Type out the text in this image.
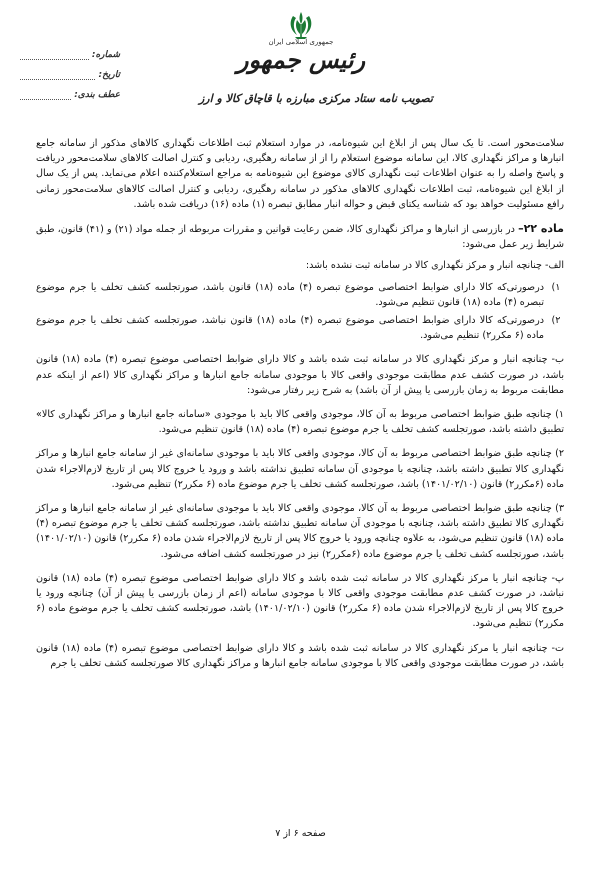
جمهوری اسلامی ایران
رئیس جمهور
تصویب نامه ستاد مرکزی مبارزه با قاچاق کالا و ارز
شماره:
تاریخ:
عطف بندی:

سلامت‌محور است. تا یک سال پس از ابلاغ این شیوه‌نامه، در موارد استعلام ثبت اطلاعات نگهداری کالاهای مذکور از سامانه جامع انبارها و مراکز نگهداری کالا، این سامانه موضوع استعلام را از از سامانه رهگیری، ردیابی و کنترل اصالت کالاهای سلامت‌محور دریافت و پاسخ واصله را به عنوان اطلاعات ثبت نگهداری کالای موضوع این شیوه‌نامه به مراجع استعلام‌کننده اعلام می‌نماید. پس از یک سال از ابلاغ این شیوه‌نامه، ثبت اطلاعات نگهداری کالاهای مذکور در سامانه رهگیری، ردیابی و کنترل اصالت کالاهای سلامت‌محور زمانی رافع مسئولیت خواهد بود که شناسه یکتای قبض و حواله انبار مطابق تبصره (۱) ماده (۱۶) دریافت شده باشد.

ماده ۲۲– در بازرسی از انبارها و مراکز نگهداری کالا، ضمن رعایت قوانین و مقررات مربوطه از جمله مواد (۲۱) و (۴۱) قانون، طبق شرایط زیر عمل می‌شود:

الف- چنانچه انبار و مرکز نگهداری کالا در سامانه ثبت نشده باشد:

۱)
درصورتی‌که کالا دارای ضوابط اختصاصی موضوع تبصره (۴) ماده (۱۸) قانون باشد، صورتجلسه کشف تخلف یا جرم موضوع تبصره (۴) ماده (۱۸) قانون تنظیم می‌شود.
۲)
درصورتی‌که کالا دارای ضوابط اختصاصی موضوع تبصره (۴) ماده (۱۸) قانون نباشد، صورتجلسه کشف تخلف یا جرم موضوع ماده (۶ مکرر۲) تنظیم می‌شود.

ب- چنانچه انبار و مرکز نگهداری کالا در سامانه ثبت شده باشد و کالا دارای ضوابط اختصاصی موضوع تبصره (۴) ماده (۱۸) قانون باشد، در صورت کشف عدم مطابقت موجودی واقعی کالا با موجودی سامانه جامع انبارها و مراکز نگهداری کالا (اعم از اینکه عدم مطابقت مربوط به زمان بازرسی یا پیش از آن باشد) به شرح زیر رفتار می‌شود:

۱) چنانچه طبق ضوابط اختصاصی مربوط به آن کالا، موجودی واقعی کالا باید با موجودی «سامانه جامع انبارها و مراکز نگهداری کالا» تطبیق داشته باشد، صورتجلسه کشف تخلف یا جرم موضوع تبصره (۴) ماده (۱۸) قانون تنظیم می‌شود.

۲) چنانچه طبق ضوابط اختصاصی مربوط به آن کالا، موجودی واقعی کالا باید با موجودی سامانه‌ای غیر از سامانه جامع انبارها و مراکز نگهداری کالا تطبیق داشته باشد، چنانچه با موجودی آن سامانه تطبیق نداشته باشد و ورود یا خروج کالا پس از تاریخ لازم‌الاجراء شدن ماده (۶مکرر۲) قانون (۱۴۰۱/۰۲/۱۰) باشد، صورتجلسه کشف تخلف یا جرم موضوع ماده (۶ مکرر۲) تنظیم می‌شود.

۳) چنانچه طبق ضوابط اختصاصی مربوط به آن کالا، موجودی واقعی کالا باید با موجودی سامانه‌ای غیر از سامانه جامع انبارها و مراکز نگهداری کالا تطبیق داشته باشد، چنانچه با موجودی آن سامانه تطبیق نداشته باشد، صورتجلسه کشف تخلف یا جرم موضوع تبصره (۴) ماده (۱۸) قانون تنظیم می‌شود، به علاوه چنانچه ورود یا خروج کالا پس از تاریخ لازم‌الاجراء شدن ماده (۶ مکرر۲) قانون (۱۴۰۱/۰۲/۱۰) باشد، صورتجلسه کشف تخلف یا جرم موضوع ماده (۶مکرر۲) نیز در صورتجلسه کشف اضافه می‌شود.

پ- چنانچه انبار یا مرکز نگهداری کالا در سامانه ثبت شده باشد و کالا دارای ضوابط اختصاصی موضوع تبصره (۴) ماده (۱۸) قانون نباشد، در صورت کشف عدم مطابقت موجودی واقعی کالا با موجودی سامانه (اعم از زمان بازرسی یا پیش از آن) چنانچه ورود یا خروج کالا پس از تاریخ لازم‌الاجراء شدن ماده (۶ مکرر۲) قانون (۱۴۰۱/۰۲/۱۰) باشد، صورتجلسه کشف تخلف یا جرم موضوع ماده (۶ مکرر۲) تنظیم می‌شود.

ت- چنانچه انبار یا مرکز نگهداری کالا در سامانه ثبت شده باشد و کالا دارای ضوابط اختصاصی موضوع تبصره (۴) ماده (۱۸) قانون باشد، در صورت مطابقت موجودی واقعی کالا با موجودی سامانه جامع انبارها و مراکز نگهداری کالا صورتجلسه کشف تخلف یا جرم

صفحه ۶ از ۷
